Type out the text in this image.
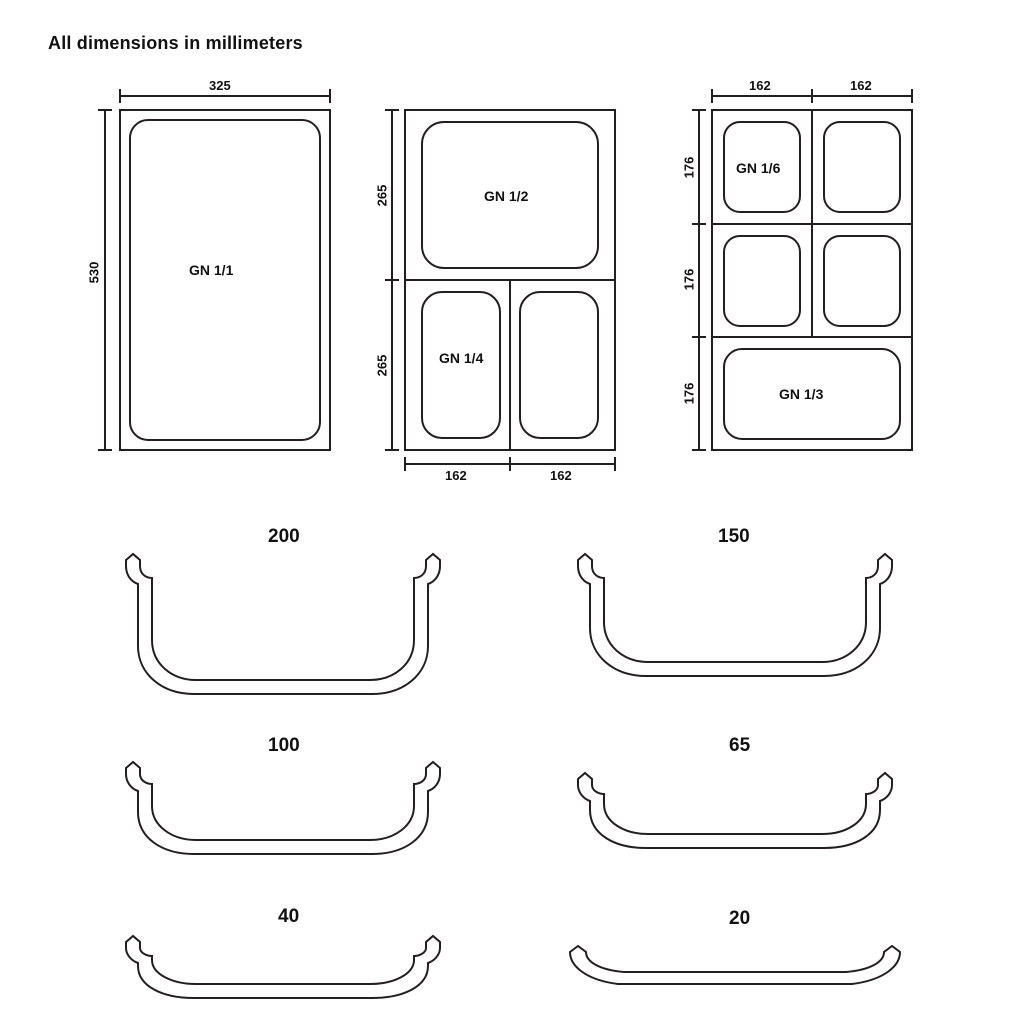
All dimensions in millimeters
GN 1/1
GN 1/2
GN 1/4
GN 1/6
GN 1/3
325
530
265
265
162	162
162	162
176
176
176
200	150
100	65
40	20
